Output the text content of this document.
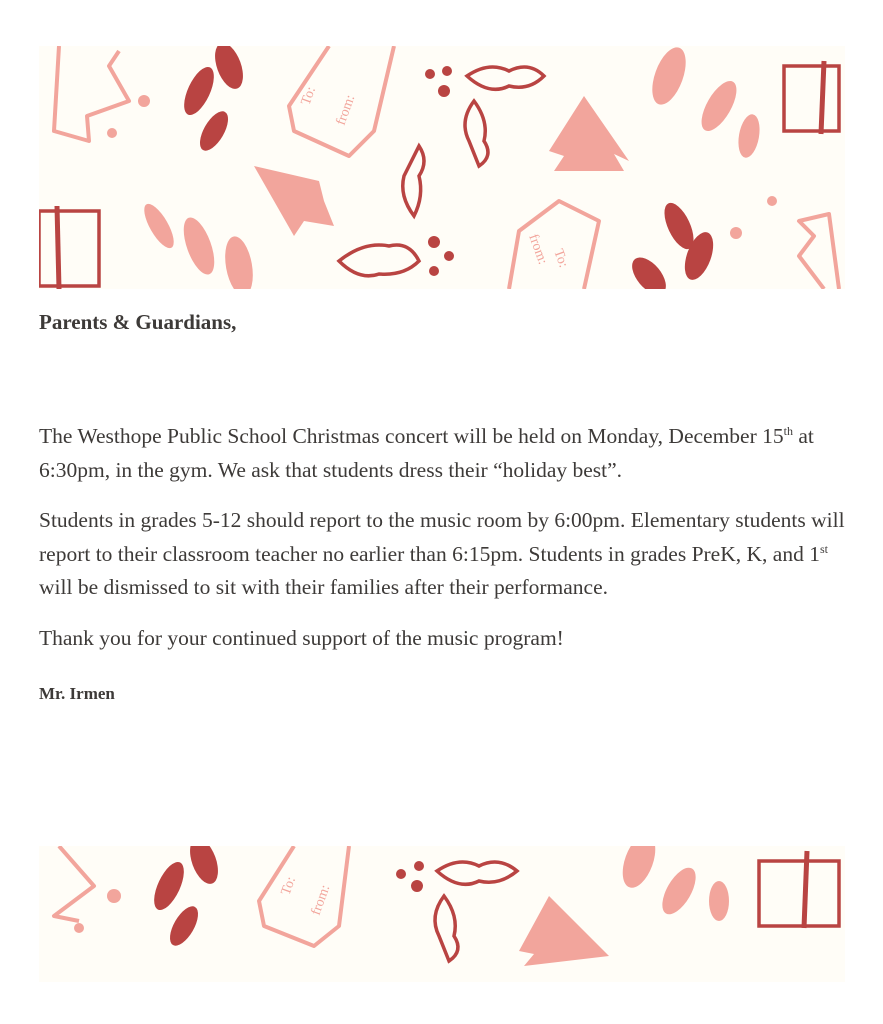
To: from:
To:
from:
Parents & Guardians,

The Westhope Public School Christmas concert will be held on Monday, December 15th at 6:30pm, in the gym. We ask that students dress their “holiday best”.

Students in grades 5-12 should report to the music room by 6:00pm. Elementary students will report to their classroom teacher no earlier than 6:15pm. Students in grades PreK, K, and 1st will be dismissed to sit with their families after their performance.

Thank you for your continued support of the music program!

Mr. Irmen

To: from:
